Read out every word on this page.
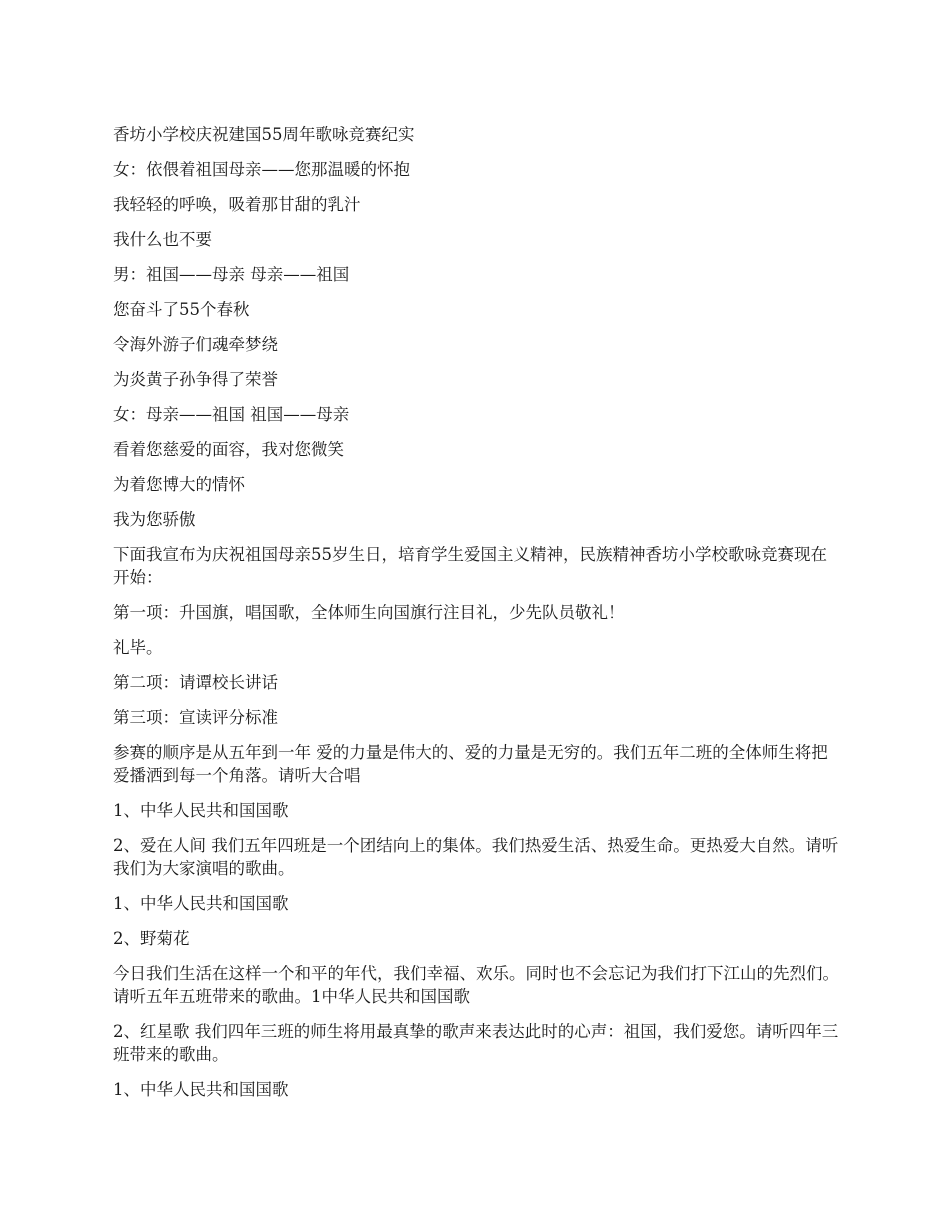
香坊小学校庆祝建国55周年歌咏竞赛纪实

女：依偎着祖国母亲——您那温暖的怀抱

我轻轻的呼唤，吸着那甘甜的乳汁

我什么也不要

男：祖国——母亲 母亲——祖国

您奋斗了55个春秋

令海外游子们魂牵梦绕

为炎黄子孙争得了荣誉

女：母亲——祖国 祖国——母亲

看着您慈爱的面容，我对您微笑

为着您博大的情怀

我为您骄傲

下面我宣布为庆祝祖国母亲55岁生日，培育学生爱国主义精神，民族精神香坊小学校歌咏竞赛现在开始：

第一项：升国旗，唱国歌，全体师生向国旗行注目礼，少先队员敬礼！

礼毕。

第二项：请谭校长讲话

第三项：宣读评分标准

参赛的顺序是从五年到一年 爱的力量是伟大的、爱的力量是无穷的。我们五年二班的全体师生将把爱播洒到每一个角落。请听大合唱

1、中华人民共和国国歌

2、爱在人间 我们五年四班是一个团结向上的集体。我们热爱生活、热爱生命。更热爱大自然。请听我们为大家演唱的歌曲。

1、中华人民共和国国歌

2、野菊花

今日我们生活在这样一个和平的年代，我们幸福、欢乐。同时也不会忘记为我们打下江山的先烈们。请听五年五班带来的歌曲。1中华人民共和国国歌

2、红星歌 我们四年三班的师生将用最真挚的歌声来表达此时的心声：祖国，我们爱您。请听四年三班带来的歌曲。

1、中华人民共和国国歌
